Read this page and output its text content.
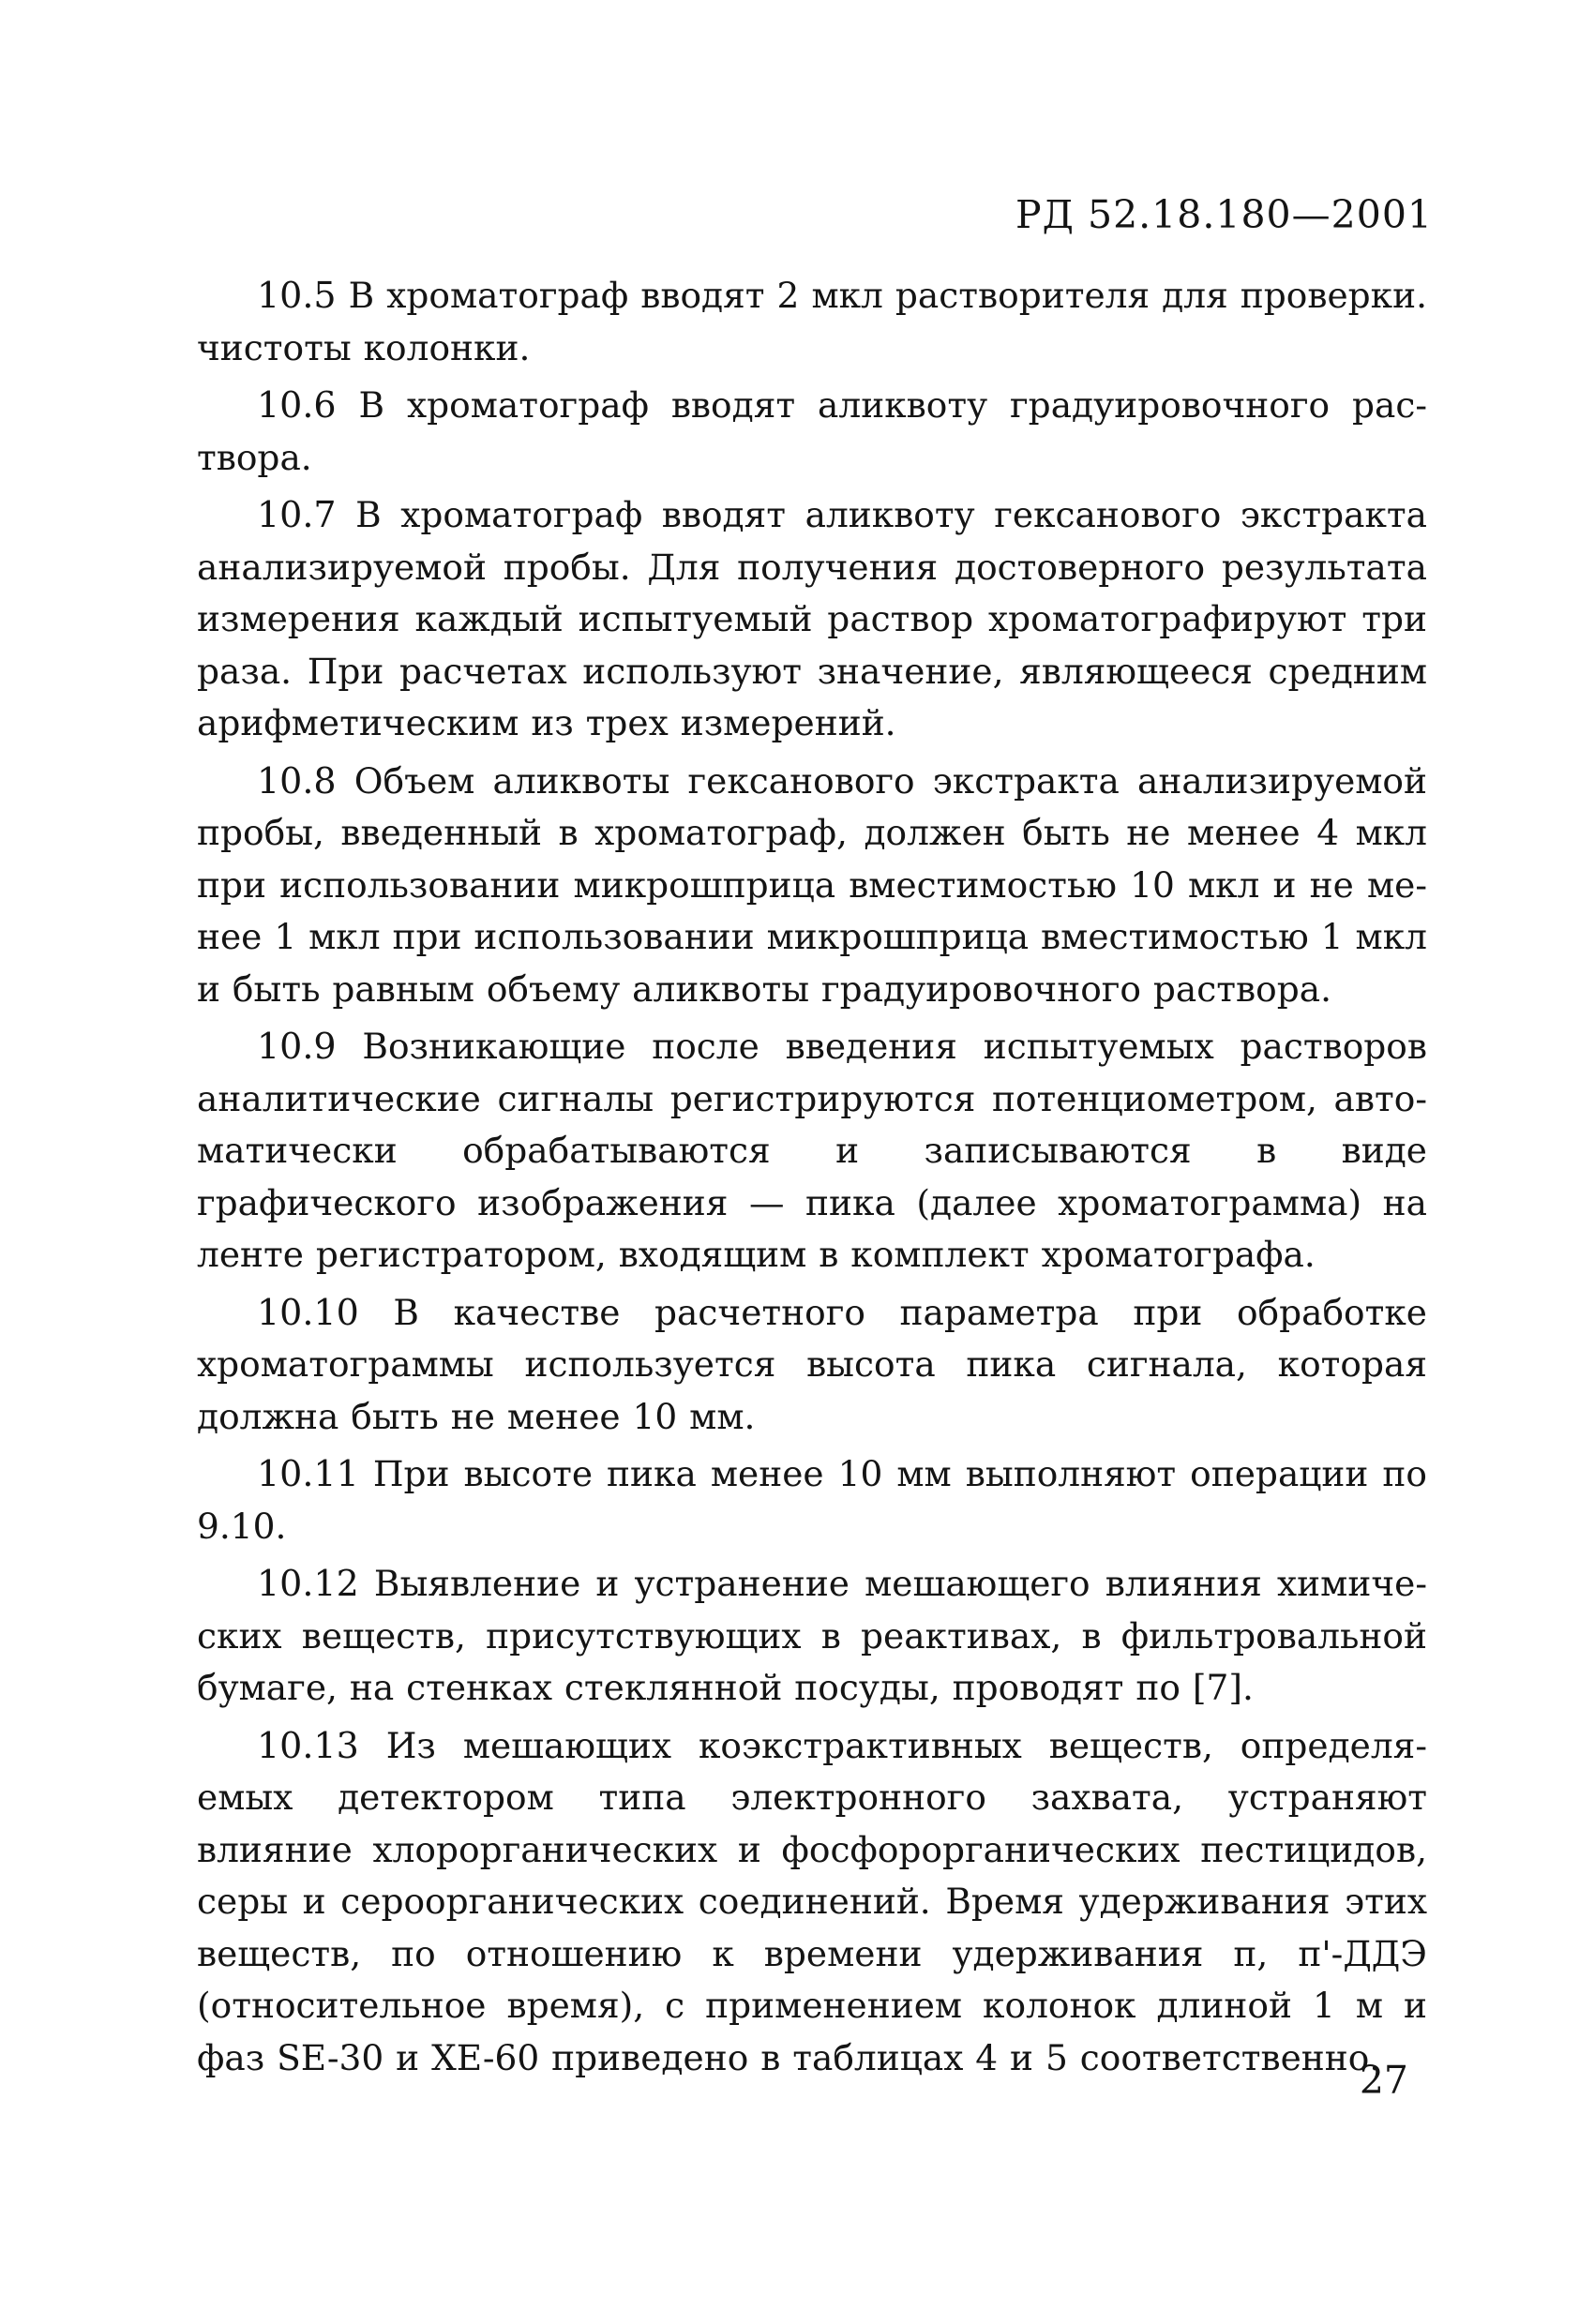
РД 52.18.180—2001

10.5 В хроматограф вводят 2 мкл растворителя для проверки. чистоты колонки.

10.6 В хроматограф вводят аликвоту градуировочного раствора.

10.7 В хроматограф вводят аликвоту гексанового экстракта анализируемой пробы. Для получения достоверного результата измерения каждый испытуемый раствор хроматографируют три раза. При расчетах используют значение, являющееся средним арифметическим из трех измерений.

10.8 Объем аликвоты гексанового экстракта анализируемой пробы, введенный в хроматограф, должен быть не менее 4 мкл при использовании микрошприца вместимостью 10 мкл и не менее 1 мкл при использовании микрошприца вместимостью 1 мкл и быть равным объему аликвоты градуировочного раствора.

10.9 Возникающие после введения испытуемых растворов аналитические сигналы регистрируются потенциометром, автоматически обрабатываются и записываются в виде графического изображения — пика (далее хроматограмма) на ленте регистратором, входящим в комплект хроматографа.

10.10 В качестве расчетного параметра при обработке хроматограммы используется высота пика сигнала, которая должна быть не менее 10 мм.

10.11 При высоте пика менее 10 мм выполняют операции по 9.10.

10.12 Выявление и устранение мешающего влияния химических веществ, присутствующих в реактивах, в фильтровальной бумаге, на стенках стеклянной посуды, проводят по [7].

10.13 Из мешающих коэкстрактивных веществ, определяемых детектором типа электронного захвата, устраняют влияние хлорорганических и фосфорорганических пестицидов, серы и сероорганических соединений. Время удерживания этих веществ, по отношению к времени удерживания п, п'-ДДЭ (относительное время), с применением колонок длиной 1 м и фаз SE-30 и XE-60 приведено в таблицах 4 и 5 соответственно.

27
